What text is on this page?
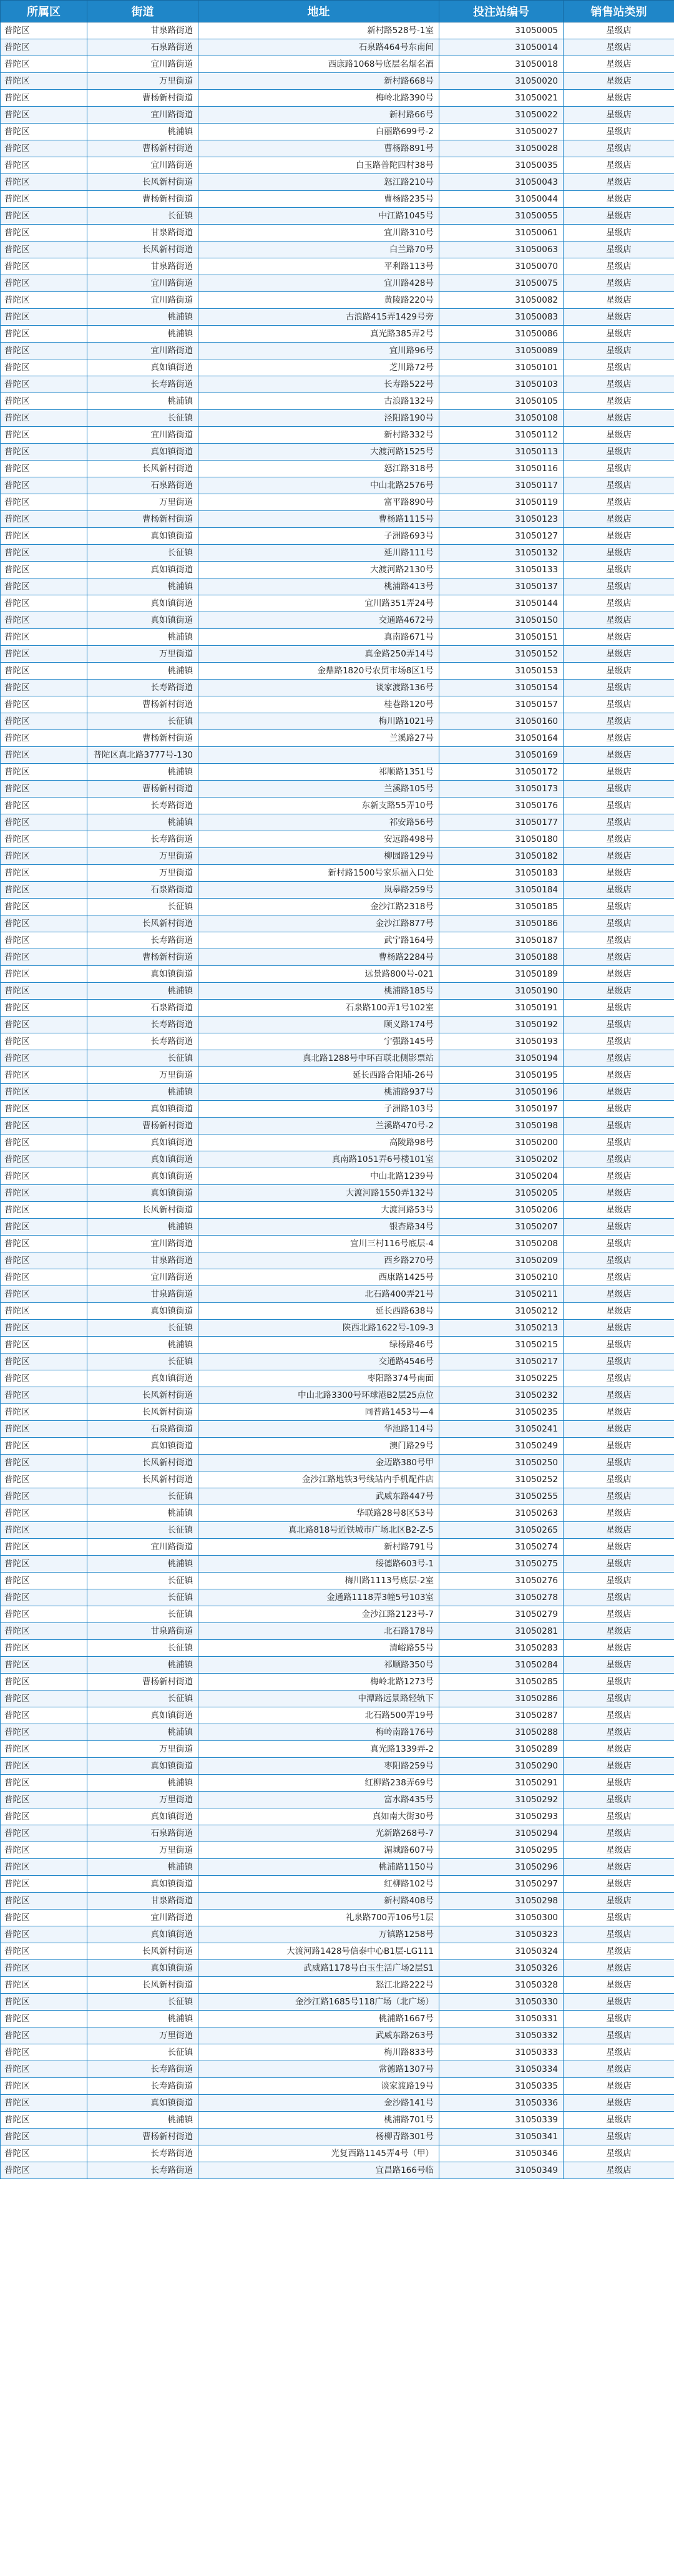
所属区	街道	地址	投注站编号	销售站类别
普陀区	甘泉路街道	新村路528号-1室	31050005	星级店
普陀区	石泉路街道	石泉路464号东南间	31050014	星级店
普陀区	宜川路街道	西康路1068号底层名烟名酒	31050018	星级店
普陀区	万里街道	新村路668号	31050020	星级店
普陀区	曹杨新村街道	梅岭北路390号	31050021	星级店
普陀区	宜川路街道	新村路66号	31050022	星级店
普陀区	桃浦镇	白丽路699号-2	31050027	星级店
普陀区	曹杨新村街道	曹杨路891号	31050028	星级店
普陀区	宜川路街道	白玉路普陀四村38号	31050035	星级店
普陀区	长风新村街道	怒江路210号	31050043	星级店
普陀区	曹杨新村街道	曹杨路235号	31050044	星级店
普陀区	长征镇	中江路1045号	31050055	星级店
普陀区	甘泉路街道	宜川路310号	31050061	星级店
普陀区	长风新村街道	白兰路70号	31050063	星级店
普陀区	甘泉路街道	平利路113号	31050070	星级店
普陀区	宜川路街道	宜川路428号	31050075	星级店
普陀区	宜川路街道	黄陵路220号	31050082	星级店
普陀区	桃浦镇	古浪路415弄1429号旁	31050083	星级店
普陀区	桃浦镇	真光路385弄2号	31050086	星级店
普陀区	宜川路街道	宜川路96号	31050089	星级店
普陀区	真如镇街道	芝川路72号	31050101	星级店
普陀区	长寿路街道	长寿路522号	31050103	星级店
普陀区	桃浦镇	古浪路132号	31050105	星级店
普陀区	长征镇	泾阳路190号	31050108	星级店
普陀区	宜川路街道	新村路332号	31050112	星级店
普陀区	真如镇街道	大渡河路1525号	31050113	星级店
普陀区	长风新村街道	怒江路318号	31050116	星级店
普陀区	石泉路街道	中山北路2576号	31050117	星级店
普陀区	万里街道	富平路890号	31050119	星级店
普陀区	曹杨新村街道	曹杨路1115号	31050123	星级店
普陀区	真如镇街道	子洲路693号	31050127	星级店
普陀区	长征镇	延川路111号	31050132	星级店
普陀区	真如镇街道	大渡河路2130号	31050133	星级店
普陀区	桃浦镇	桃浦路413号	31050137	星级店
普陀区	真如镇街道	宜川路351弄24号	31050144	星级店
普陀区	真如镇街道	交通路4672号	31050150	星级店
普陀区	桃浦镇	真南路671号	31050151	星级店
普陀区	万里街道	真金路250弄14号	31050152	星级店
普陀区	桃浦镇	金鼎路1820号农贸市场8区1号	31050153	星级店
普陀区	长寿路街道	谈家渡路136号	31050154	星级店
普陀区	曹杨新村街道	桂巷路120号	31050157	星级店
普陀区	长征镇	梅川路1021号	31050160	星级店
普陀区	曹杨新村街道	兰溪路27号	31050164	星级店
普陀区	普陀区真北路3777号-130		31050169	星级店
普陀区	桃浦镇	祁顺路1351号	31050172	星级店
普陀区	曹杨新村街道	兰溪路105号	31050173	星级店
普陀区	长寿路街道	东新支路55弄10号	31050176	星级店
普陀区	桃浦镇	祁安路56号	31050177	星级店
普陀区	长寿路街道	安远路498号	31050180	星级店
普陀区	万里街道	柳园路129号	31050182	星级店
普陀区	万里街道	新村路1500号家乐福入口处	31050183	星级店
普陀区	石泉路街道	岚皋路259号	31050184	星级店
普陀区	长征镇	金沙江路2318号	31050185	星级店
普陀区	长风新村街道	金沙江路877号	31050186	星级店
普陀区	长寿路街道	武宁路164号	31050187	星级店
普陀区	曹杨新村街道	曹杨路2284号	31050188	星级店
普陀区	真如镇街道	远景路800号-021	31050189	星级店
普陀区	桃浦镇	桃浦路185号	31050190	星级店
普陀区	石泉路街道	石泉路100弄1号102室	31050191	星级店
普陀区	长寿路街道	顾义路174号	31050192	星级店
普陀区	长寿路街道	宁强路145号	31050193	星级店
普陀区	长征镇	真北路1288号中环百联北侧影票站	31050194	星级店
普陀区	万里街道	延长西路合阳埔-26号	31050195	星级店
普陀区	桃浦镇	桃浦路937号	31050196	星级店
普陀区	真如镇街道	子洲路103号	31050197	星级店
普陀区	曹杨新村街道	兰溪路470号-2	31050198	星级店
普陀区	真如镇街道	高陵路98号	31050200	星级店
普陀区	真如镇街道	真南路1051弄6号楼101室	31050202	星级店
普陀区	真如镇街道	中山北路1239号	31050204	星级店
普陀区	真如镇街道	大渡河路1550弄132号	31050205	星级店
普陀区	长风新村街道	大渡河路53号	31050206	星级店
普陀区	桃浦镇	银杏路34号	31050207	星级店
普陀区	宜川路街道	宜川三村116号底层-4	31050208	星级店
普陀区	甘泉路街道	西乡路270号	31050209	星级店
普陀区	宜川路街道	西康路1425号	31050210	星级店
普陀区	甘泉路街道	北石路400弄21号	31050211	星级店
普陀区	真如镇街道	延长西路638号	31050212	星级店
普陀区	长征镇	陕西北路1622号-109-3	31050213	星级店
普陀区	桃浦镇	绿杨路46号	31050215	星级店
普陀区	长征镇	交通路4546号	31050217	星级店
普陀区	真如镇街道	枣阳路374号南面	31050225	星级店
普陀区	长风新村街道	中山北路3300号环球港B2层25点位	31050232	星级店
普陀区	长风新村街道	同普路1453号—4	31050235	星级店
普陀区	石泉路街道	华池路114号	31050241	星级店
普陀区	真如镇街道	澳门路29号	31050249	星级店
普陀区	长风新村街道	金迈路380号甲	31050250	星级店
普陀区	长风新村街道	金沙江路地铁3号线站内手机配件店	31050252	星级店
普陀区	长征镇	武威东路447号	31050255	星级店
普陀区	桃浦镇	华联路28号8区53号	31050263	星级店
普陀区	长征镇	真北路818号近铁城市广场北区B2-Z-5	31050265	星级店
普陀区	宜川路街道	新村路791号	31050274	星级店
普陀区	桃浦镇	绥德路603号-1	31050275	星级店
普陀区	长征镇	梅川路1113号底层-2室	31050276	星级店
普陀区	长征镇	金通路1118弄3幢5号103室	31050278	星级店
普陀区	长征镇	金沙江路2123号-7	31050279	星级店
普陀区	甘泉路街道	北石路178号	31050281	星级店
普陀区	长征镇	清峪路55号	31050283	星级店
普陀区	桃浦镇	祁顺路350号	31050284	星级店
普陀区	曹杨新村街道	梅岭北路1273号	31050285	星级店
普陀区	长征镇	中潭路远景路轻轨下	31050286	星级店
普陀区	真如镇街道	北石路500弄19号	31050287	星级店
普陀区	桃浦镇	梅岭南路176号	31050288	星级店
普陀区	万里街道	真光路1339弄-2	31050289	星级店
普陀区	真如镇街道	枣阳路259号	31050290	星级店
普陀区	桃浦镇	红柳路238弄69号	31050291	星级店
普陀区	万里街道	富水路435号	31050292	星级店
普陀区	真如镇街道	真如南大街30号	31050293	星级店
普陀区	石泉路街道	光新路268号-7	31050294	星级店
普陀区	万里街道	湄城路607号	31050295	星级店
普陀区	桃浦镇	桃浦路1150号	31050296	星级店
普陀区	真如镇街道	红柳路102号	31050297	星级店
普陀区	甘泉路街道	新村路408号	31050298	星级店
普陀区	宜川路街道	礼泉路700弄106号1层	31050300	星级店
普陀区	真如镇街道	万镇路1258号	31050323	星级店
普陀区	长风新村街道	大渡河路1428号信泰中心B1层-LG111	31050324	星级店
普陀区	真如镇街道	武威路1178号白玉生活广场2层S1	31050326	星级店
普陀区	长风新村街道	怒江北路222号	31050328	星级店
普陀区	长征镇	金沙江路1685号118广场（北广场）	31050330	星级店
普陀区	桃浦镇	桃浦路1667号	31050331	星级店
普陀区	万里街道	武威东路263号	31050332	星级店
普陀区	长征镇	梅川路833号	31050333	星级店
普陀区	长寿路街道	常德路1307号	31050334	星级店
普陀区	长寿路街道	谈家渡路19号	31050335	星级店
普陀区	真如镇街道	金沙路141号	31050336	星级店
普陀区	桃浦镇	桃浦路701号	31050339	星级店
普陀区	曹杨新村街道	杨柳青路301号	31050341	星级店
普陀区	长寿路街道	光复西路1145弄4号（甲）	31050346	星级店
普陀区	长寿路街道	宜昌路166号临	31050349	星级店
